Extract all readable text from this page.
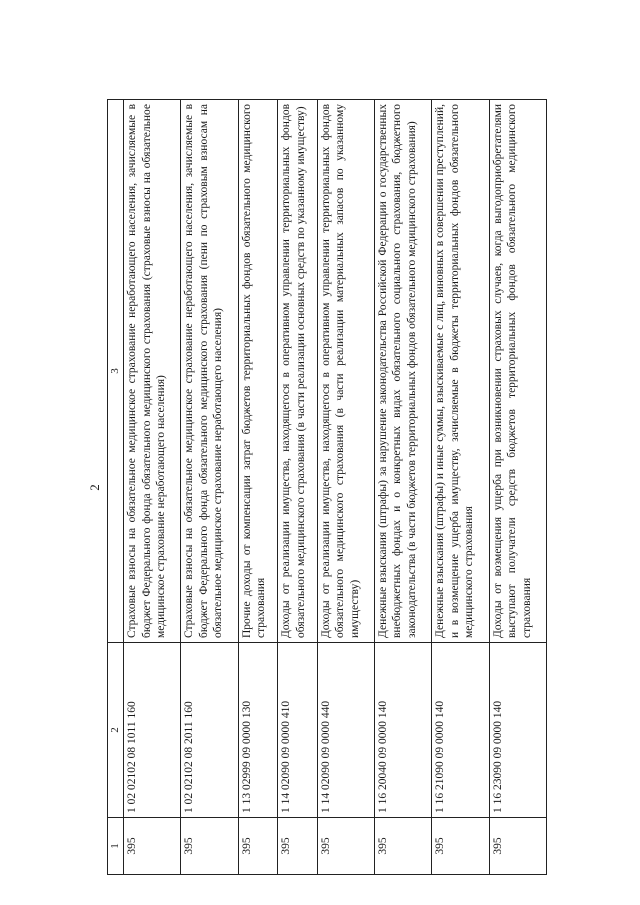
2
1	2	3
395	1 02 02102 08 1011 160	Страховые взносы на обязательное медицинское страхование неработающего населения, зачисляемые в бюджет Федерального фонда обязательного медицинского страхования (страховые взносы на обязательное медицинское страхование неработающего населения)
395	1 02 02102 08 2011 160	Страховые взносы на обязательное медицинское страхование неработающего населения, зачисляемые в бюджет Федерального фонда обязательного медицинского страхования (пени по страховым взносам на обязательное медицинское страхование неработающего населения)
395	1 13 02999 09 0000 130	Прочие доходы от компенсации затрат бюджетов территориальных фондов обязательного медицинского страхования
395	1 14 02090 09 0000 410	Доходы от реализации имущества, находящегося в оперативном управлении территориальных фондов обязательного медицинского страхования (в части реализации основных средств по указанному имуществу)
395	1 14 02090 09 0000 440	Доходы от реализации имущества, находящегося в оперативном управлении территориальных фондов обязательного медицинского страхования (в части реализации материальных запасов по указанному имуществу)
395	1 16 20040 09 0000 140	Денежные взыскания (штрафы) за нарушение законодательства Российской Федерации о государственных внебюджетных фондах и о конкретных видах обязательного социального страхования, бюджетного законодательства (в части бюджетов территориальных фондов обязательного медицинского страхования)
395	1 16 21090 09 0000 140	Денежные взыскания (штрафы) и иные суммы, взыскиваемые с лиц, виновных в совершении преступлений, и в возмещение ущерба имуществу, зачисляемые в бюджеты территориальных фондов обязательного медицинского страхования
395	1 16 23090 09 0000 140	Доходы от возмещения ущерба при возникновении страховых случаев, когда выгодоприобретателями выступают получатели средств бюджетов территориальных фондов обязательного медицинского страхования
